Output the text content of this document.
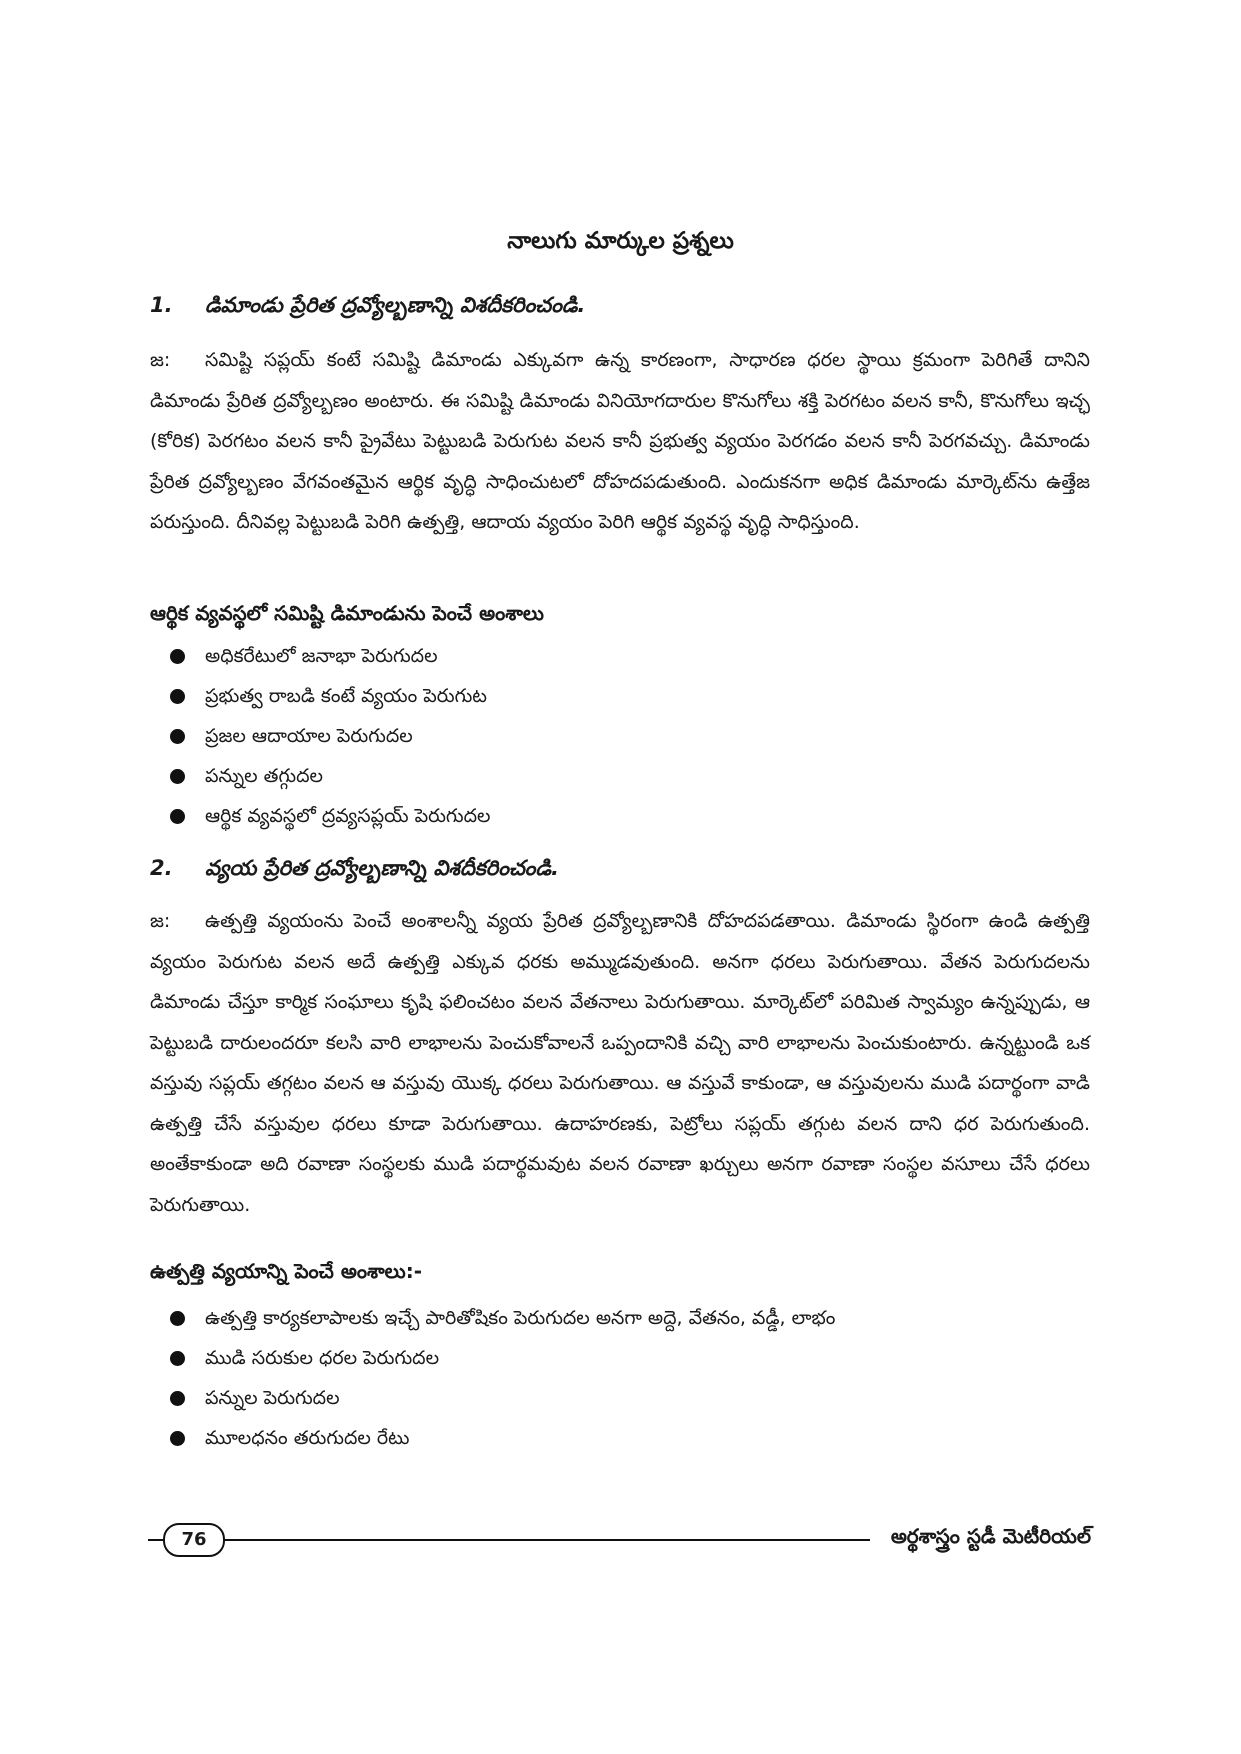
నాలుగు మార్కుల ప్రశ్నలు
1. డిమాండు ప్రేరిత ద్రవ్యోల్బణాన్ని విశదీకరించండి.
జ: సమిష్టి సప్లయ్ కంటే సమిష్టి డిమాండు ఎక్కువగా ఉన్న కారణంగా, సాధారణ ధరల స్థాయి క్రమంగా పెరిగితే దానిని డిమాండు ప్రేరిత ద్రవ్యోల్బణం అంటారు. ఈ సమిష్టి డిమాండు వినియోగదారుల కొనుగోలు శక్తి పెరగటం వలన కానీ, కొనుగోలు ఇచ్ఛ (కోరిక) పెరగటం వలన కానీ ప్రైవేటు పెట్టుబడి పెరుగుట వలన కానీ ప్రభుత్వ వ్యయం పెరగడం వలన కానీ పెరగవచ్చు. డిమాండు ప్రేరిత ద్రవ్యోల్బణం వేగవంతమైన ఆర్థిక వృద్ధి సాధించుటలో దోహదపడుతుంది. ఎందుకనగా అధిక డిమాండు మార్కెట్‌ను ఉత్తేజ పరుస్తుంది. దీనివల్ల పెట్టుబడి పెరిగి ఉత్పత్తి, ఆదాయ వ్యయం పెరిగి ఆర్థిక వ్యవస్థ వృద్ధి సాధిస్తుంది.
ఆర్థిక వ్యవస్థలో సమిష్టి డిమాండును పెంచే అంశాలు
అధికరేటులో జనాభా పెరుగుదల
ప్రభుత్వ రాబడి కంటే వ్యయం పెరుగుట
ప్రజల ఆదాయాల పెరుగుదల
పన్నుల తగ్గుదల
ఆర్థిక వ్యవస్థలో ద్రవ్యసప్లయ్ పెరుగుదల
2. వ్యయ ప్రేరిత ద్రవ్యోల్బణాన్ని విశదీకరించండి.
జ: ఉత్పత్తి వ్యయంను పెంచే అంశాలన్నీ వ్యయ ప్రేరిత ద్రవ్యోల్బణానికి దోహదపడతాయి. డిమాండు స్థిరంగా ఉండి ఉత్పత్తి వ్యయం పెరుగుట వలన అదే ఉత్పత్తి ఎక్కువ ధరకు అమ్ముడవుతుంది. అనగా ధరలు పెరుగుతాయి. వేతన పెరుగుదలను డిమాండు చేస్తూ కార్మిక సంఘాలు కృషి ఫలించటం వలన వేతనాలు పెరుగుతాయి. మార్కెట్‌లో పరిమిత స్వామ్యం ఉన్నప్పుడు, ఆ పెట్టుబడి దారులందరూ కలసి వారి లాభాలను పెంచుకోవాలనే ఒప్పందానికి వచ్చి వారి లాభాలను పెంచుకుంటారు. ఉన్నట్టుండి ఒక వస్తువు సప్లయ్ తగ్గటం వలన ఆ వస్తువు యొక్క ధరలు పెరుగుతాయి. ఆ వస్తువే కాకుండా, ఆ వస్తువులను ముడి పదార్థంగా వాడి ఉత్పత్తి చేసే వస్తువుల ధరలు కూడా పెరుగుతాయి. ఉదాహరణకు, పెట్రోలు సప్లయ్ తగ్గుట వలన దాని ధర పెరుగుతుంది. అంతేకాకుండా అది రవాణా సంస్థలకు ముడి పదార్థమవుట వలన రవాణా ఖర్చులు అనగా రవాణా సంస్థల వసూలు చేసే ధరలు పెరుగుతాయి.
ఉత్పత్తి వ్యయాన్ని పెంచే అంశాలు:-
ఉత్పత్తి కార్యకలాపాలకు ఇచ్చే పారితోషికం పెరుగుదల అనగా అద్దె, వేతనం, వడ్డీ, లాభం
ముడి సరుకుల ధరల పెరుగుదల
పన్నుల పెరుగుదల
మూలధనం తరుగుదల రేటు
76	అర్థశాస్త్రం స్టడీ మెటీరియల్
